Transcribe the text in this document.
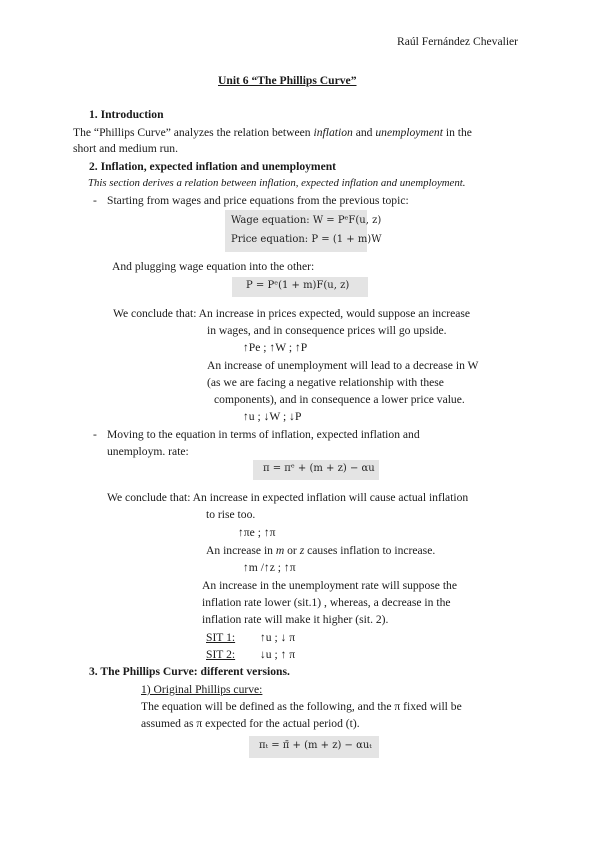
Raúl Fernández Chevalier
Unit 6 “The Phillips Curve”
1. Introduction
The “Phillips Curve” analyzes the relation between inflation and unemployment in the
short and medium run.
2. Inflation, expected inflation and unemployment
This section derives a relation between inflation, expected inflation and unemployment.
- Starting from wages and price equations from the previous topic:
Wage equation: W = PᵉF(u, z)
Price equation: P = (1 + m)W
And plugging wage equation into the other:
P = Pᵉ(1 + m)F(u, z)
We conclude that: An increase in prices expected, would suppose an increase
in wages, and in consequence prices will go upside.
↑Pe ; ↑W ; ↑P
An increase of unemployment will lead to a decrease in W
(as we are facing a negative relationship with these
components), and in consequence a lower price value.
↑u ; ↓W ; ↓P
- Moving to the equation in terms of inflation, expected inflation and
unemploym. rate:
π = πᵉ + (m + z) − αu
We conclude that: An increase in expected inflation will cause actual inflation
to rise too.
↑πe ; ↑π
An increase in m or z causes inflation to increase.
↑m /↑z ; ↑π
An increase in the unemployment rate will suppose the
inflation rate lower (sit.1) , whereas, a decrease in the
inflation rate will make it higher (sit. 2).
SIT 1: ↑u ; ↓ π
SIT 2: ↓u ; ↑ π
3. The Phillips Curve: different versions.
1) Original Phillips curve:
The equation will be defined as the following, and the π fixed will be
assumed as π expected for the actual period (t).
πₜ = π̄ + (m + z) − αuₜ
